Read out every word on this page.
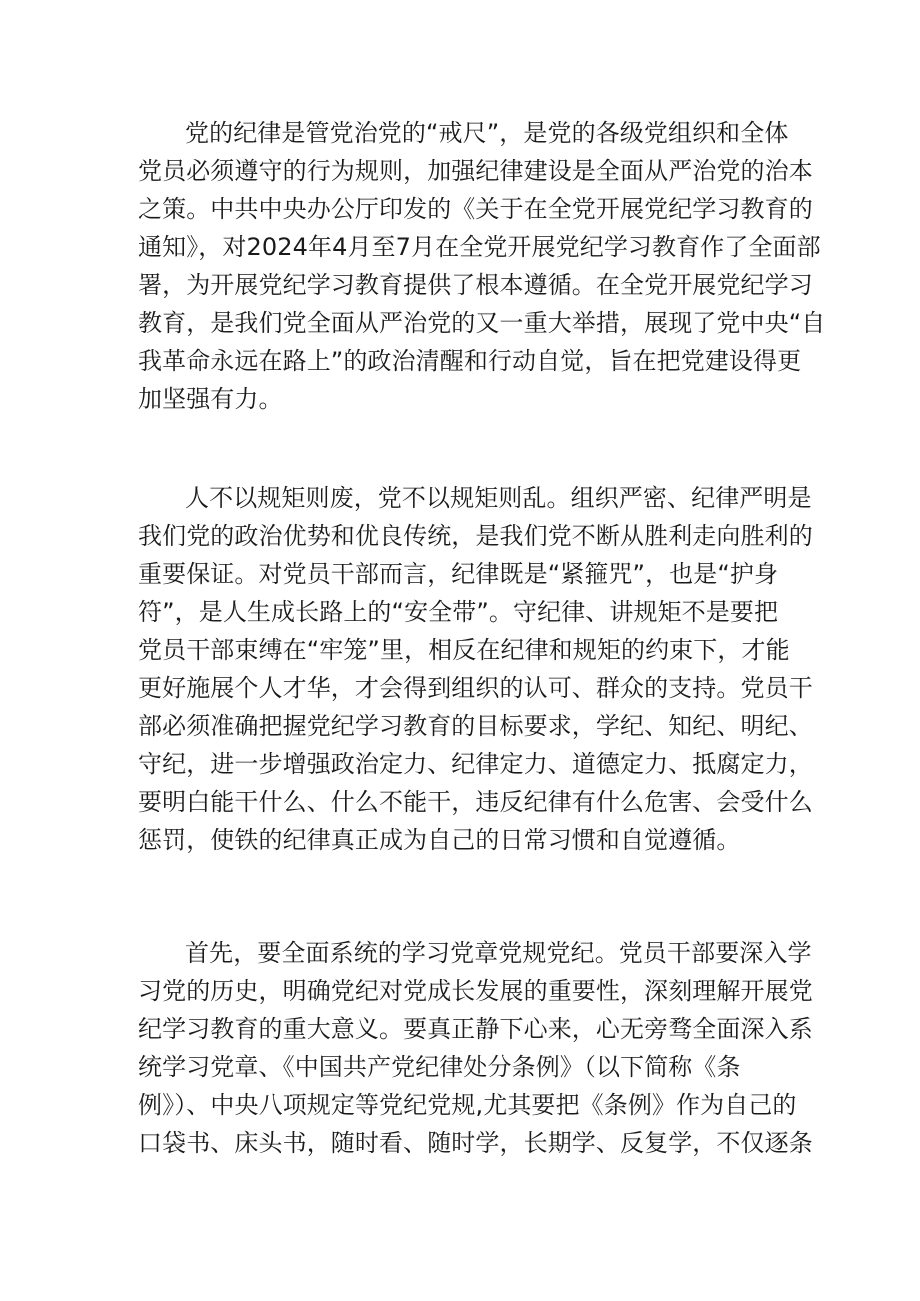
党的纪律是管党治党的“戒尺”，是党的各级党组织和全体
党员必须遵守的行为规则，加强纪律建设是全面从严治党的治本
之策。中共中央办公厅印发的《关于在全党开展党纪学习教育的
通知》，对2024年4月至7月在全党开展党纪学习教育作了全面部
署，为开展党纪学习教育提供了根本遵循。在全党开展党纪学习
教育，是我们党全面从严治党的又一重大举措，展现了党中央“自
我革命永远在路上”的政治清醒和行动自觉，旨在把党建设得更
加坚强有力。
人不以规矩则废，党不以规矩则乱。组织严密、纪律严明是
我们党的政治优势和优良传统，是我们党不断从胜利走向胜利的
重要保证。对党员干部而言，纪律既是“紧箍咒”，也是“护身
符”，是人生成长路上的“安全带”。守纪律、讲规矩不是要把
党员干部束缚在“牢笼”里，相反在纪律和规矩的约束下，才能
更好施展个人才华，才会得到组织的认可、群众的支持。党员干
部必须准确把握党纪学习教育的目标要求，学纪、知纪、明纪、
守纪，进一步增强政治定力、纪律定力、道德定力、抵腐定力，
要明白能干什么、什么不能干，违反纪律有什么危害、会受什么
惩罚，使铁的纪律真正成为自己的日常习惯和自觉遵循。
首先，要全面系统的学习党章党规党纪。党员干部要深入学
习党的历史，明确党纪对党成长发展的重要性，深刻理解开展党
纪学习教育的重大意义。要真正静下心来，心无旁骛全面深入系
统学习党章、《中国共产党纪律处分条例》（以下简称《条
例》）、中央八项规定等党纪党规,尤其要把《条例》作为自己的
口袋书、床头书，随时看、随时学，长期学、反复学，不仅逐条
